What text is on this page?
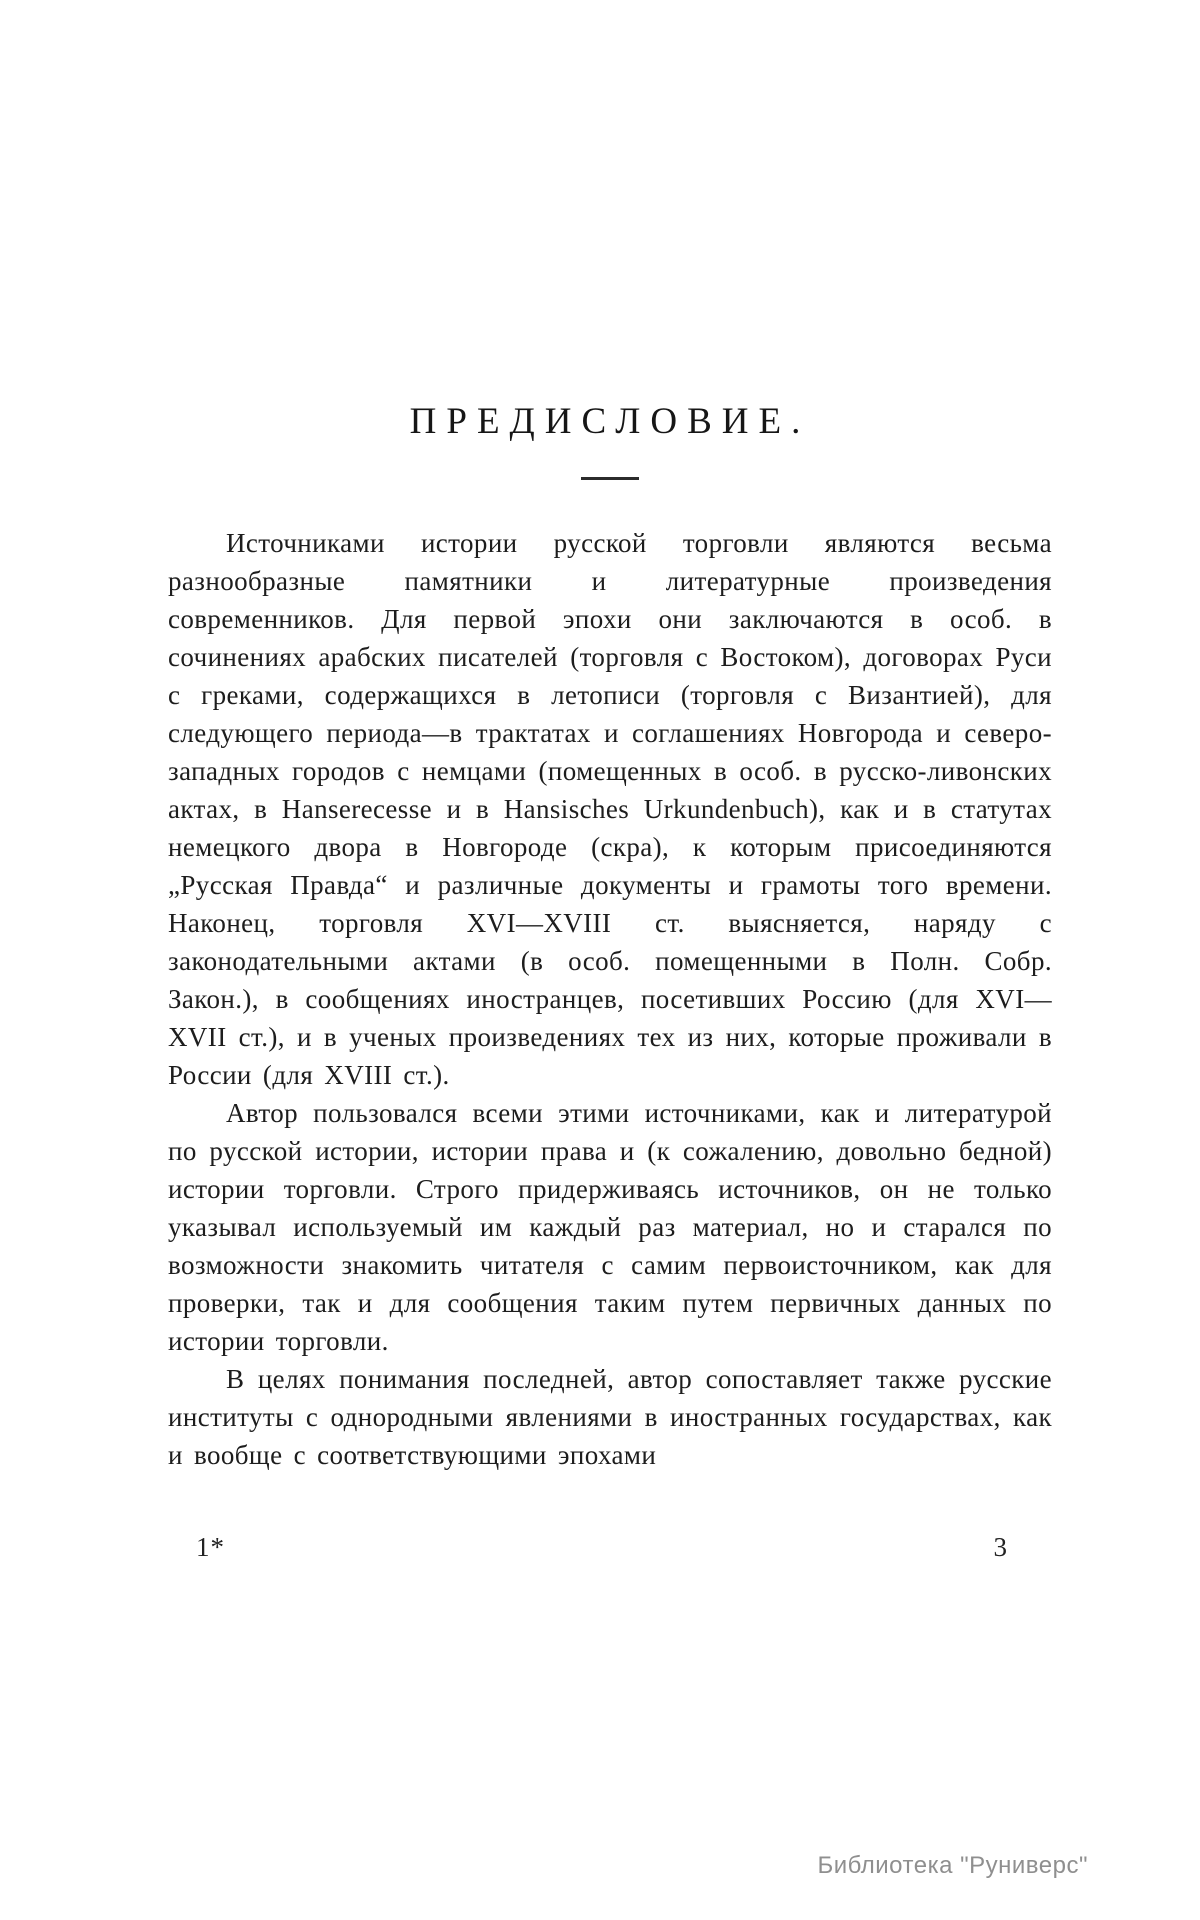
ПРЕДИСЛОВИЕ.

Источниками истории русской торговли являются весьма разнообразные памятники и литературные произведения современников. Для первой эпохи они заключаются в особ. в сочинениях арабских писателей (торговля с Востоком), договорах Руси с греками, содержащихся в летописи (торговля с Византией), для следующего периода—в трактатах и соглашениях Новгорода и северо-западных городов с немцами (помещенных в особ. в русско-ливонских актах, в Hanserecesse и в Hansisches Urkundenbuch), как и в статутах немецкого двора в Новгороде (скра), к которым присоединяются „Русская Правда“ и различные документы и грамоты того времени. Наконец, торговля XVI—XVIII ст. выясняется, наряду с законодательными актами (в особ. помещенными в Полн. Собр. Закон.), в сообщениях иностранцев, посетивших Россию (для XVI—XVII ст.), и в ученых произведениях тех из них, которые проживали в России (для XVIII ст.).

Автор пользовался всеми этими источниками, как и литературой по русской истории, истории права и (к сожалению, довольно бедной) истории торговли. Строго придерживаясь источников, он не только указывал используемый им каждый раз материал, но и старался по возможности знакомить читателя с самим первоисточником, как для проверки, так и для сообщения таким путем первичных данных по истории торговли.

В целях понимания последней, автор сопоставляет также русские институты с однородными явлениями в иностранных государствах, как и вообще с соответствующими эпохами

1*	3
Библиотека "Руниверс"
